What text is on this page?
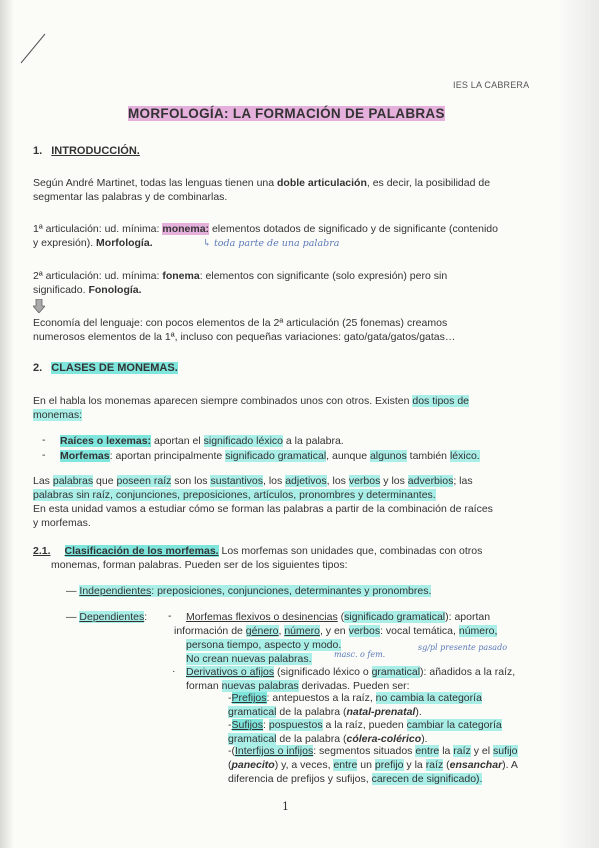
IES LA CABRERA
MORFOLOGÍA: LA FORMACIÓN DE PALABRAS
1. INTRODUCCIÓN.
Según André Martinet, todas las lenguas tienen una doble articulación, es decir, la posibilidad de
segmentar las palabras y de combinarlas.
1ª articulación: ud. mínima: monema: elementos dotados de significado y de significante (contenido
y expresión). Morfología.	↳ toda parte de una palabra
2ª articulación: ud. mínima: fonema: elementos con significante (solo expresión) pero sin
significado. Fonología.
Economía del lenguaje: con pocos elementos de la 2ª articulación (25 fonemas) creamos
numerosos elementos de la 1ª, incluso con pequeñas variaciones: gato/gata/gatos/gatas…
2. CLASES DE MONEMAS.
En el habla los monemas aparecen siempre combinados unos con otros. Existen dos tipos de
monemas:
- Raíces o lexemas: aportan el significado léxico a la palabra.
- Morfemas: aportan principalmente significado gramatical, aunque algunos también léxico.
Las palabras que poseen raíz son los sustantivos, los adjetivos, los verbos y los adverbios; las
palabras sin raíz, conjunciones, preposiciones, artículos, pronombres y determinantes.
En esta unidad vamos a estudiar cómo se forman las palabras a partir de la combinación de raíces
y morfemas.
2.1. Clasificación de los morfemas. Los morfemas son unidades que, combinadas con otros
monemas, forman palabras. Pueden ser de los siguientes tipos:
— Independientes: preposiciones, conjunciones, determinantes y pronombres.
— Dependientes: - Morfemas flexivos o desinencias (significado gramatical): aportan
información de género, número, y en verbos: vocal temática, número,
persona tiempo, aspecto y modo.
No crean nuevas palabras.
sg/pl presente pasado
masc. o fem.
· Derivativos o afijos (significado léxico o gramatical): añadidos a la raíz,
forman nuevas palabras derivadas. Pueden ser:
-Prefijos: antepuestos a la raíz, no cambia la categoría
gramatical de la palabra (natal-prenatal).
-Sufijos: pospuestos a la raíz, pueden cambiar la categoría
gramatical de la palabra (cólera-colérico).
-(Interfijos o infijos: segmentos situados entre la raíz y el sufijo
(panecito) y, a veces, entre un prefijo y la raíz (ensanchar). A
diferencia de prefijos y sufijos, carecen de significado).
1
